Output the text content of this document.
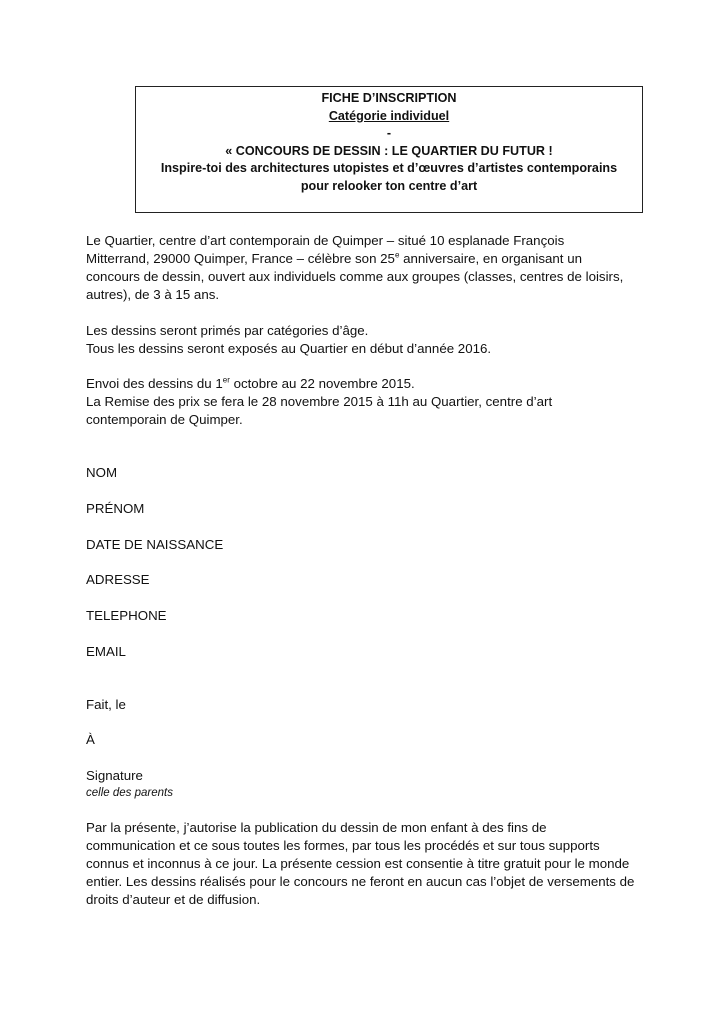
FICHE D’INSCRIPTION
Catégorie individuel
-
« CONCOURS DE DESSIN : LE QUARTIER DU FUTUR !
Inspire-toi des architectures utopistes et d’œuvres d’artistes contemporains
pour relooker ton centre d’art

Le Quartier, centre d’art contemporain de Quimper – situé 10 esplanade François

Mitterrand, 29000 Quimper, France – célèbre son 25e anniversaire, en organisant un

concours de dessin, ouvert aux individuels comme aux groupes (classes, centres de loisirs,

autres), de 3 à 15 ans.

Les dessins seront primés par catégories d’âge.

Tous les dessins seront exposés au Quartier en début d’année 2016.

Envoi des dessins du 1er octobre au 22 novembre 2015.

La Remise des prix se fera le 28 novembre 2015 à 11h au Quartier, centre d’art

contemporain de Quimper.

NOM
PRÉNOM
DATE DE NAISSANCE
ADRESSE
TELEPHONE
EMAIL
Fait, le
À
Signature
celle des parents

Par la présente, j’autorise la publication du dessin de mon enfant à des fins de

communication et ce sous toutes les formes, par tous les procédés et sur tous supports

connus et inconnus à ce jour. La présente cession est consentie à titre gratuit pour le monde

entier. Les dessins réalisés pour le concours ne feront en aucun cas l’objet de versements de

droits d’auteur et de diffusion.
